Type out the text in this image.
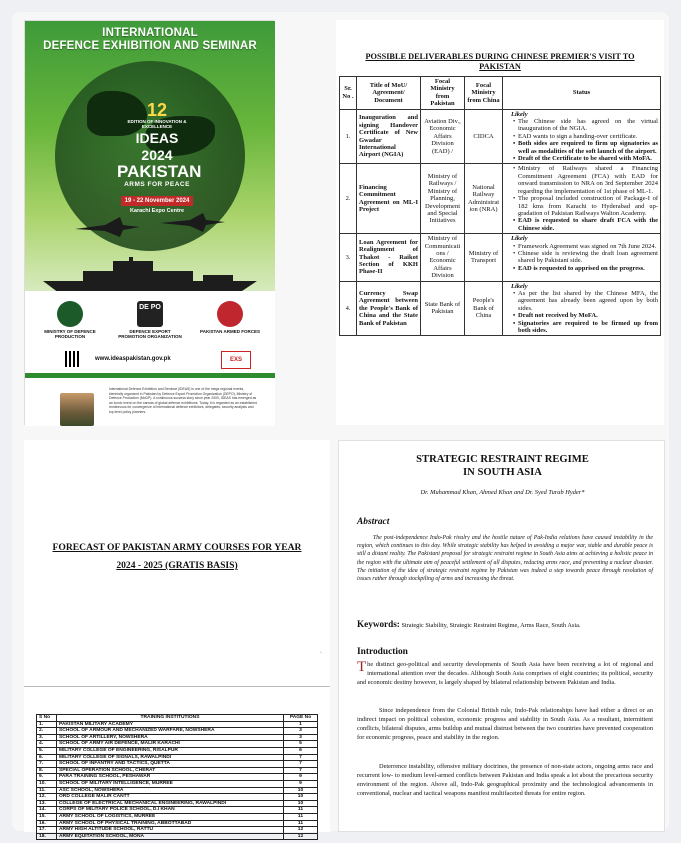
INTERNATIONAL
DEFENCE EXHIBITION AND SEMINAR
12
EDITION OF INNOVATION & EXCELLENCE
IDEAS
2024
PAKISTAN
ARMS FOR PEACE
19 - 22 November 2024
Karachi Expo Centre
MINISTRY OF DEFENCE PRODUCTION
DE PO
DEFENCE EXPORT PROMOTION ORGANIZATION
PAKISTAN ARMED FORCES
www.ideaspakistan.gov.pk	EXS
International Defence Exhibition and Seminar (IDEAS) is one of the mega regional events, biennially organized in Pakistan by Defence Export Promotion Organization (DEPO), Ministry of Defence Production (MoDP). A continuous success story since year 2000, IDEAS has emerged as an iconic event on the canvas of global defence exhibitions. Today, it is regarded as an established rendezvous for convergence of international defence exhibitors, delegates, security analysts and top level policy planners.
POSSIBLE DELIVERABLES DURING CHINESE PREMIER'S VISIT TO
PAKISTAN
Sr. No .	Title of MoU/ Agreement/ Document	Focal Ministry from Pakistan	Focal Ministry from China	Status
1.	Inauguration and signing Handover Certificate of New Gwadar International Airport (NGIA)	Aviation Div., Economic Affairs Division (EAD) /	CIDCA	Likely
• The Chinese side has agreed on the virtual inauguration of the NGIA.
• EAD wants to sign a handing-over certificate.
• Both sides are required to firm up signatories as well as modalities of the soft launch of the airport.
• Draft of the Certificate to be shared with MoFA.

2.	Financing Commitment Agreement on ML-I Project	Ministry of Railways / Ministry of Planning, Development and Special Initiatives	National Railway Administrat ion (NRA)	• Ministry of Railways shared a Financing Commitment Agreement (FCA) with EAD for onward transmission to NRA on 3rd September 2024 regarding the implementation of 1st phase of ML-1.
• The proposal included construction of Package-I of 182 kms from Karachi to Hyderabad and up-gradation of Pakistan Railways Walton Academy.
• EAD is requested to share draft FCA with the Chinese side.

3.	Loan Agreement for Realignment of Thakot - Raikot Section of KKH Phase-II	Ministry of Communicati ons / Economic Affairs Division	Ministry of Transport	Likely
• Framework Agreement was signed on 7th June 2024.
• Chinese side is reviewing the draft loan agreement shared by Pakistani side.
• EAD is requested to apprised on the progress.

4.	Currency Swap Agreement between the People's Bank of China and the State Bank of Pakistan	State Bank of Pakistan	People's Bank of China	Likely
• As per the list shared by the Chinese MFA, the agreement has already been agreed upon by both sides.
• Draft not received by MoFA.
• Signatories are required to be firmed up from both sides.
FORECAST OF PAKISTAN ARMY COURSES FOR YEAR
2024 - 2025 (GRATIS BASIS)
·
S No	TRAINING INSTITUTIONS	PAGE No
1.	PAKISTAN MILITARY ACADEMY	1
2.	SCHOOL OF ARMOUR AND MECHANIZED WARFARE, NOWSHERA	3
3.	SCHOOL OF ARTILLERY, NOWSHERA	3
4.	SCHOOL OF ARMY AIR DEFENCE, MALIR KARACHI	5
5.	MILITARY COLLEGE OF ENGINEERING, RISALPUR	6
6.	MILITARY COLLEGE OF SIGNALS, RAWALPINDI	7
7.	SCHOOL OF INFANTRY AND TACTICS, QUETTA	7
8.	SPECIAL OPERATION SCHOOL, CHERAT	7
9.	PARA TRAINING SCHOOL, PESHAWAR	9
10.	SCHOOL OF MILITARY INTELLIGENCE, MURREE	9
11.	ASC SCHOOL, NOWSHERA	10
12.	ORD COLLEGE MALIR CANTT	10
13.	COLLEGE OF ELECTRICAL MECHANICAL ENGINEERING, RAWALPINDI	10
14.	CORPS OF MILITARY POLICE SCHOOL, D.I KHAN	11
15.	ARMY SCHOOL OF LOGISTICS, MURREE	11
16.	ARMY SCHOOL OF PHYSICAL TRAINING, ABBOTTABAD	11
17.	ARMY HIGH ALTITUDE SCHOOL, RATTU	12
18.	ARMY EQUITATION SCHOOL, MONA	12
STRATEGIC RESTRAINT REGIME
IN SOUTH ASIA
Dr. Muhammad Khan, Ahmed Khan and Dr. Syed Turab Hyder*
Abstract
The post-independence Indo-Pak rivalry and the hostile nature of Pak-India relations have caused instability in the region, which continues to this day. While strategic stability has helped in avoiding a major war, stable and durable peace is still a distant reality. The Pakistani proposal for strategic restraint regime in South Asia aims at achieving a holistic peace in the region with the ultimate aim of peaceful settlement of all disputes, reducing arms race, and preventing a nuclear disaster. The initiation of the idea of strategic restraint regime by Pakistan was indeed a step towards peace through resolution of issues rather through stockpiling of arms and increasing the threat.
Keywords: Strategic Stability, Strategic Restraint Regime, Arms Race, South Asia.
Introduction
The distinct geo-political and security developments of South Asia have been receiving a lot of regional and international attention over the decades. Although South Asia comprises of eight countries; its political, security and economic destiny however, is largely shaped by bilateral relationship between Pakistan and India.
Since independence from the Colonial British rule, Indo-Pak relationships have had either a direct or an indirect impact on political cohesion, economic progress and stability in South Asia. As a resultant, intermittent conflicts, bilateral disputes, arms buildup and mutual distrust between the two countries have prevented cooperation for economic progress, peace and stability in the region.
Deterrence instability, offensive military doctrines, the presence of non-state actors, ongoing arms race and recurrent low- to medium level-armed conflicts between Pakistan and India speak a lot about the precarious security environment of the region. Above all, Indo-Pak geographical proximity and the technological advancements in conventional, nuclear and tactical weapons manifest multifaceted threats for entire region.
